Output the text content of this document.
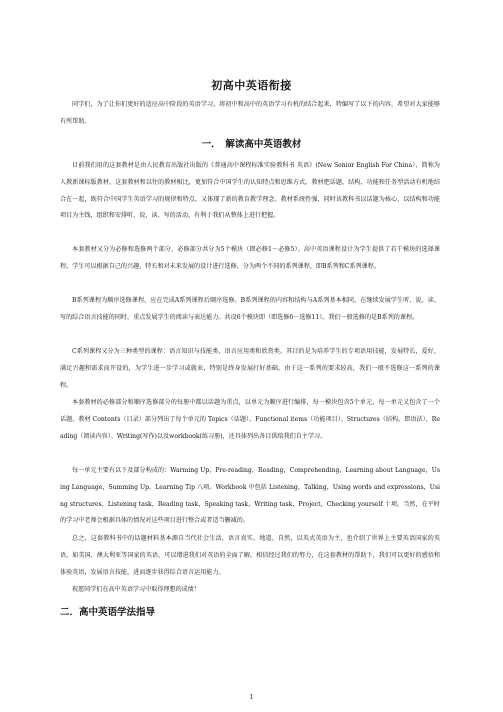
初高中英语衔接
同学们，为了让你们更好的适应高中阶段的英语学习，将初中和高中的英语学习有机的结合起来，特编写了以下的内容，希望对大家能够有所帮助。
一．　解读高中英语教材
目前我们用的这套教材是由人民教育出版社出版的《普通高中课程标准实验教科书 英语》(New Senior English For China），简称为人教新课标版教材。这套教材和以往的教材相比，更加符合中国学生的认知特点和思维方式。教材把话题、结构、功能和任务型活动有机地结合在一起，既符合中国学生英语学习的规律和特点，又体现了新的教育教学理念。教材系统性强，同时该教科书以话题为核心，以结构和功能项目为主线，组织和安排听、说、读、写的活动，有利于我们从整体上进行把握。
本套教材又分为必修和选修两个部分，必修部分共分为5个模块（即必修1－必修5）。高中英语课程设计为学生提供了若干模块的选择课程，学生可以根据自己的兴趣、特长和对未来发展的设计进行选修。分为两个不同的系列课程，即B系列和C系列课程。
B系列课程为顺序选修课程，应在完成A系列课程后顺序选修。B系列课程的内容和结构与A系列基本相同，在继续发展学生听、说、读、写的综合语言技能的同时，重点发展学生的阅读与表达能力。共设6个模块即（即选修6－选修11）。我们一般选修的是B系列的课程。
C系列课程又分为三种类型的课程：语言知识与技能类、语言应用类和欣赏类。其目的是为培养学生的专项语用技能，发展特长，爱好，满足兴趣和需求而开设的，为学生进一步学习或就业，特别是终身发展打好基础。由于这一系列的要求较高，我们一般不选修这一系列的课程。
本套教材的必修部分和顺序选修部分的每册中都以话题为重点，以单元为顺序进行编排，每一模块包含5个单元，每一单元又包含了一个话题。教材 Contents（目录）部分列出了每个单元的 Topics（话题）、Functional items（功能项目）、Structures（结构，即语法）、Reading（阅读内容）、Writing(写作)以及workbook(练习册)，还具体列出各目供给我们自主学习。
每一单元主要有以下及部分构成的：Warming Up，Pre-reading，Reading，Comprehending，Learning about Language，Using Language，Summing Up，Learning Tip 八项。Workbook 中包括 Listening，Talking，Using words and expressions，Using structures，Listening task，Reading task，Speaking task，Writing task，Project，Checking yourself 十项。当然，在平时的学习中老师会根据具体的情况对这些项目进行整合或者适当删减的。
总之，这套教科书中的话题材料基本源自当代社会生活，语言真实、地道、自然，以英式英语为主，也介绍了世界上主要英语国家的英语，如美国、澳大利亚等国家的英语，可以增进我们对英语的全面了解。相信经过我们的努力，在这套教材的帮助下，我们可以更好的感悟和体验英语，发展语言技能，进而逐步获得综合语言运用能力。
祝愿同学们在高中英语学习中取得理想的成绩！
二．高中英语学法指导
1
